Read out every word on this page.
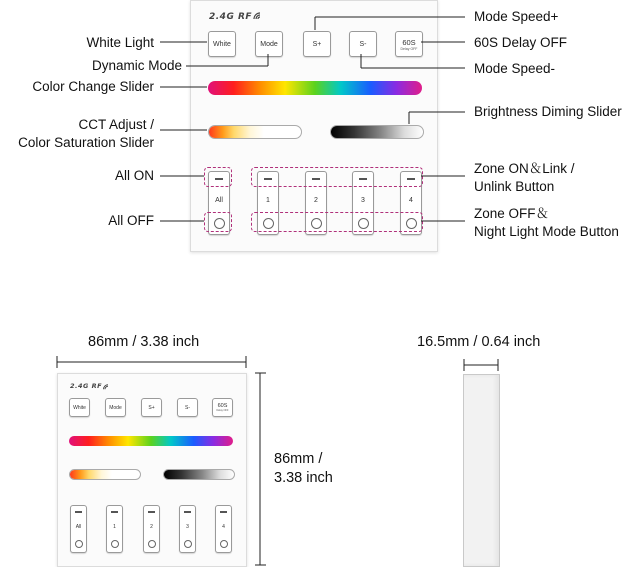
2.4G RF
White	Mode	S+	S-	60S
Delay OFF
All	1	2	3	4
White Light
Dynamic Mode
Color Change Slider
CCT Adjust /
Color Saturation Slider
All ON
All OFF
Mode Speed+
60S Delay OFF
Mode Speed-
Brightness Diming Slider
Zone ON＆Link /
Unlink Button
Zone OFF＆
Night Light Mode Button
86mm / 3.38 inch
86mm /
3.38 inch
16.5mm / 0.64 inch
2.4G RF
White	Mode	S+	S-	60S
Delay OFF
All	1	2	3	4
